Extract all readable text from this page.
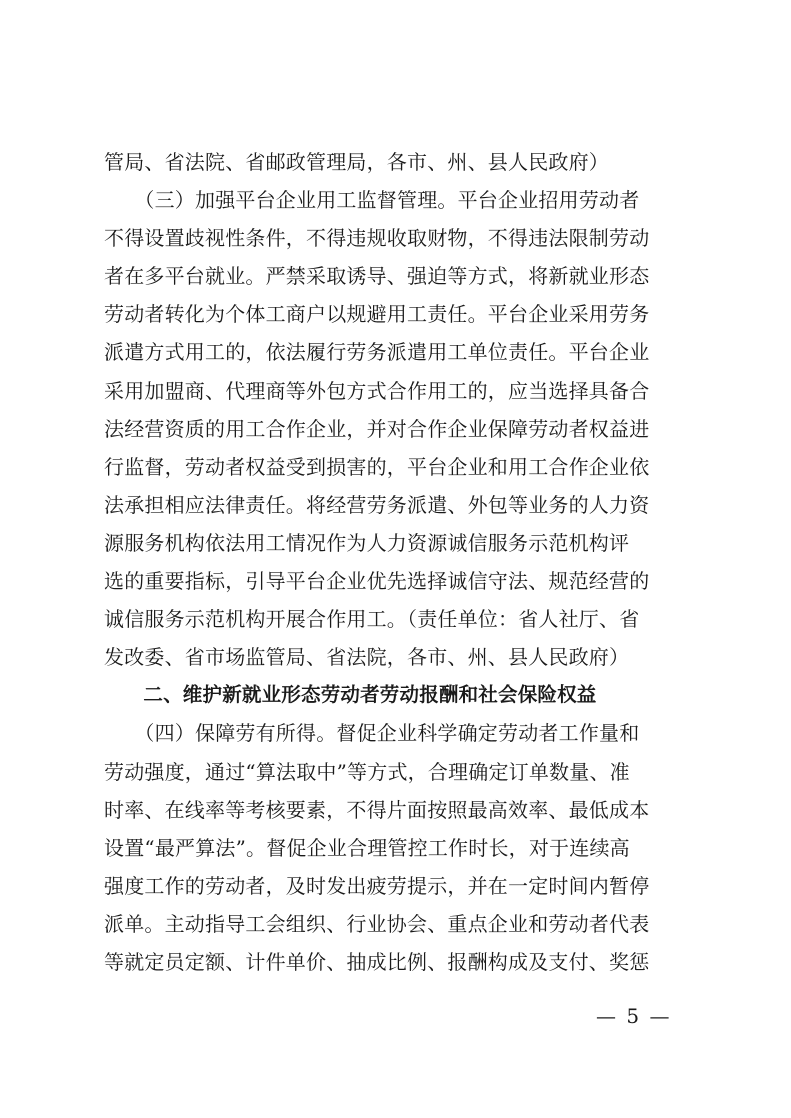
管局、省法院、省邮政管理局，各市、州、县人民政府）
　　（三）加强平台企业用工监督管理。平台企业招用劳动者
不得设置歧视性条件，不得违规收取财物，不得违法限制劳动
者在多平台就业。严禁采取诱导、强迫等方式，将新就业形态
劳动者转化为个体工商户以规避用工责任。平台企业采用劳务
派遣方式用工的，依法履行劳务派遣用工单位责任。平台企业
采用加盟商、代理商等外包方式合作用工的，应当选择具备合
法经营资质的用工合作企业，并对合作企业保障劳动者权益进
行监督，劳动者权益受到损害的，平台企业和用工合作企业依
法承担相应法律责任。将经营劳务派遣、外包等业务的人力资
源服务机构依法用工情况作为人力资源诚信服务示范机构评
选的重要指标，引导平台企业优先选择诚信守法、规范经营的
诚信服务示范机构开展合作用工。（责任单位：省人社厅、省
发改委、省市场监管局、省法院，各市、州、县人民政府）
　　二、维护新就业形态劳动者劳动报酬和社会保险权益
　　（四）保障劳有所得。督促企业科学确定劳动者工作量和
劳动强度，通过“算法取中”等方式，合理确定订单数量、准
时率、在线率等考核要素，不得片面按照最高效率、最低成本
设置“最严算法”。督促企业合理管控工作时长，对于连续高
强度工作的劳动者，及时发出疲劳提示，并在一定时间内暂停
派单。主动指导工会组织、行业协会、重点企业和劳动者代表
等就定员定额、计件单价、抽成比例、报酬构成及支付、奖惩
— 5 —
